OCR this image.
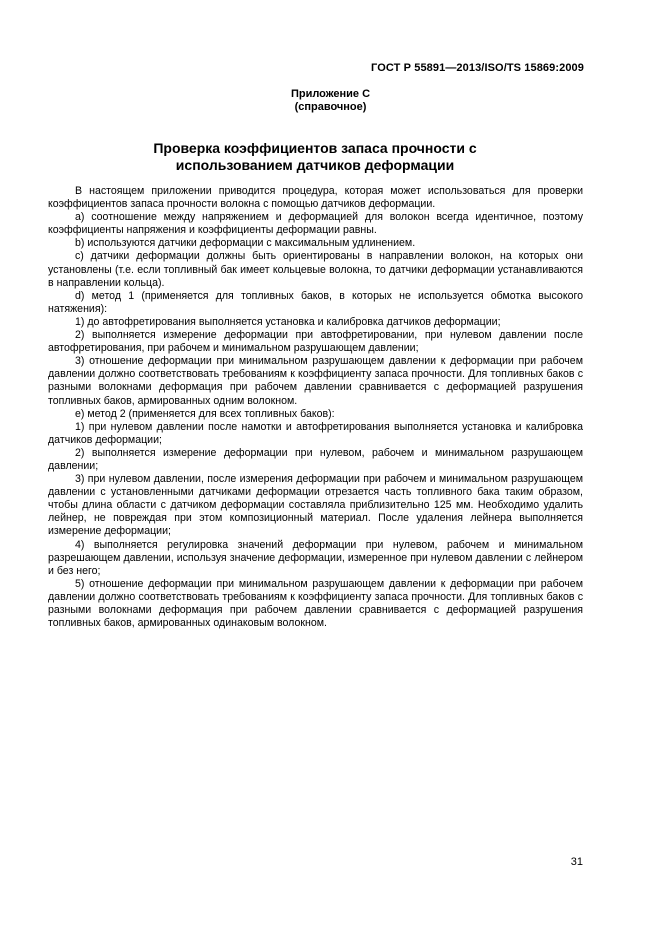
ГОСТ Р 55891—2013/ISO/TS 15869:2009
Приложение С
(справочное)
Проверка коэффициентов запаса прочности с
использованием датчиков деформации

В настоящем приложении приводится процедура, которая может использоваться для проверки коэффициентов запаса прочности волокна с помощью датчиков деформации.

a) соотношение между напряжением и деформацией для волокон всегда идентичное, поэтому коэффициенты напряжения и коэффициенты деформации равны.

b) используются датчики деформации с максимальным удлинением.

c) датчики деформации должны быть ориентированы в направлении волокон, на которых они установлены (т.е. если топливный бак имеет кольцевые волокна, то датчики деформации устанавливаются в направлении кольца).

d) метод 1 (применяется для топливных баков, в которых не используется обмотка высокого натяжения):

1) до автофретирования выполняется установка и калибровка датчиков деформации;

2) выполняется измерение деформации при автофретировании, при нулевом давлении после автофретирования, при рабочем и минимальном разрушающем давлении;

3) отношение деформации при минимальном разрушающем давлении к деформации при рабочем давлении должно соответствовать требованиям к коэффициенту запаса прочности. Для топливных баков с разными волокнами деформация при рабочем давлении сравнивается с деформацией разрушения топливных баков, армированных одним волокном.

e) метод 2 (применяется для всех топливных баков):

1) при нулевом давлении после намотки и автофретирования выполняется установка и калибровка датчиков деформации;

2) выполняется измерение деформации при нулевом, рабочем и минимальном разрушающем давлении;

3) при нулевом давлении, после измерения деформации при рабочем и минимальном разрушающем давлении с установленными датчиками деформации отрезается часть топливного бака таким образом, чтобы длина области с датчиком деформации составляла приблизительно 125 мм. Необходимо удалить лейнер, не повреждая при этом композиционный материал. После удаления лейнера выполняется измерение деформации;

4) выполняется регулировка значений деформации при нулевом, рабочем и минимальном разрешающем давлении, используя значение деформации, измеренное при нулевом давлении с лейнером и без него;

5) отношение деформации при минимальном разрушающем давлении к деформации при рабочем давлении должно соответствовать требованиям к коэффициенту запаса прочности. Для топливных баков с разными волокнами деформация при рабочем давлении сравнивается с деформацией разрушения топливных баков, армированных одинаковым волокном.

31
